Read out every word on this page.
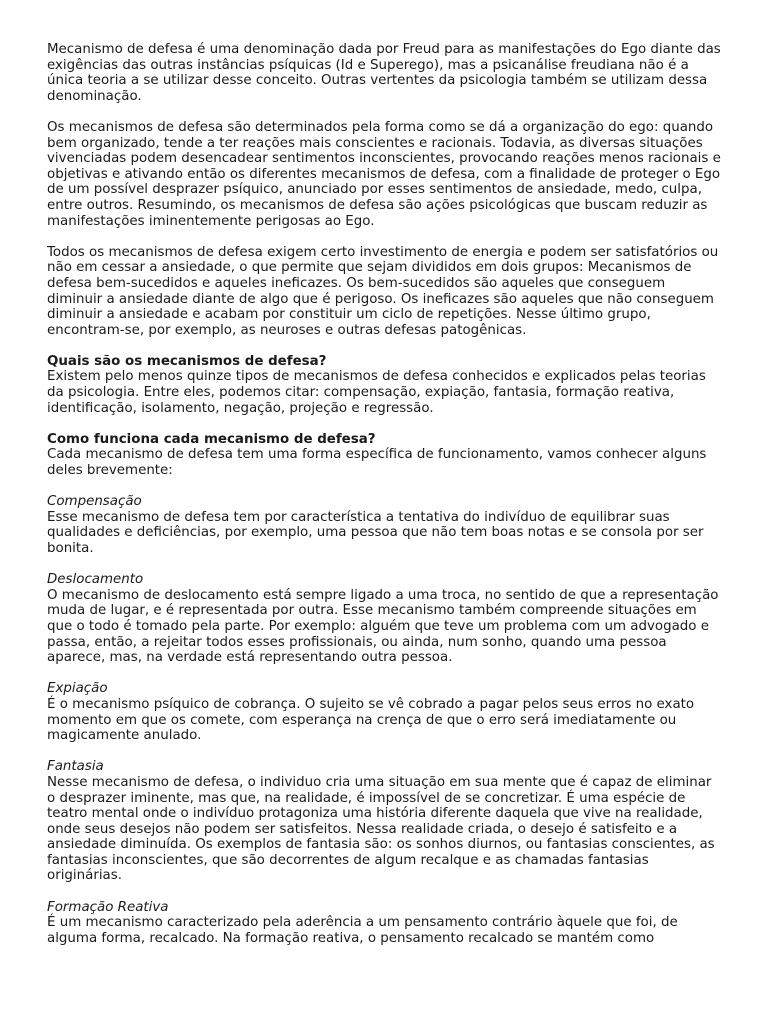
Mecanismo de defesa é uma denominação dada por Freud para as manifestações do Ego diante das exigências das outras instâncias psíquicas (Id e Superego), mas a psicanálise freudiana não é a única teoria a se utilizar desse conceito. Outras vertentes da psicologia também se utilizam dessa denominação.

Os mecanismos de defesa são determinados pela forma como se dá a organização do ego: quando bem organizado, tende a ter reações mais conscientes e racionais. Todavia, as diversas situações vivenciadas podem desencadear sentimentos inconscientes, provocando reações menos racionais e objetivas e ativando então os diferentes mecanismos de defesa, com a finalidade de proteger o Ego de um possível desprazer psíquico, anunciado por esses sentimentos de ansiedade, medo, culpa, entre outros. Resumindo, os mecanismos de defesa são ações psicológicas que buscam reduzir as manifestações iminentemente perigosas ao Ego.

Todos os mecanismos de defesa exigem certo investimento de energia e podem ser satisfatórios ou não em cessar a ansiedade, o que permite que sejam divididos em dois grupos: Mecanismos de defesa bem-sucedidos e aqueles ineficazes. Os bem-sucedidos são aqueles que conseguem diminuir a ansiedade diante de algo que é perigoso. Os ineficazes são aqueles que não conseguem diminuir a ansiedade e acabam por constituir um ciclo de repetições. Nesse último grupo, encontram-se, por exemplo, as neuroses e outras defesas patogênicas.

Quais são os mecanismos de defesa?

Existem pelo menos quinze tipos de mecanismos de defesa conhecidos e explicados pelas teorias da psicologia. Entre eles, podemos citar: compensação, expiação, fantasia, formação reativa, identificação, isolamento, negação, projeção e regressão.

Como funciona cada mecanismo de defesa?

Cada mecanismo de defesa tem uma forma específica de funcionamento, vamos conhecer alguns deles brevemente:

Compensação

Esse mecanismo de defesa tem por característica a tentativa do indivíduo de equilibrar suas qualidades e deficiências, por exemplo, uma pessoa que não tem boas notas e se consola por ser bonita.

Deslocamento

O mecanismo de deslocamento está sempre ligado a uma troca, no sentido de que a representação muda de lugar, e é representada por outra. Esse mecanismo também compreende situações em que o todo é tomado pela parte. Por exemplo: alguém que teve um problema com um advogado e passa, então, a rejeitar todos esses profissionais, ou ainda, num sonho, quando uma pessoa aparece, mas, na verdade está representando outra pessoa.

Expiação

É o mecanismo psíquico de cobrança. O sujeito se vê cobrado a pagar pelos seus erros no exato momento em que os comete, com esperança na crença de que o erro será imediatamente ou magicamente anulado.

Fantasia

Nesse mecanismo de defesa, o individuo cria uma situação em sua mente que é capaz de eliminar o desprazer iminente, mas que, na realidade, é impossível de se concretizar. É uma espécie de teatro mental onde o indivíduo protagoniza uma história diferente daquela que vive na realidade, onde seus desejos não podem ser satisfeitos. Nessa realidade criada, o desejo é satisfeito e a ansiedade diminuída. Os exemplos de fantasia são: os sonhos diurnos, ou fantasias conscientes, as fantasias inconscientes, que são decorrentes de algum recalque e as chamadas fantasias originárias.

Formação Reativa

É um mecanismo caracterizado pela aderência a um pensamento contrário àquele que foi, de alguma forma, recalcado. Na formação reativa, o pensamento recalcado se mantém como
